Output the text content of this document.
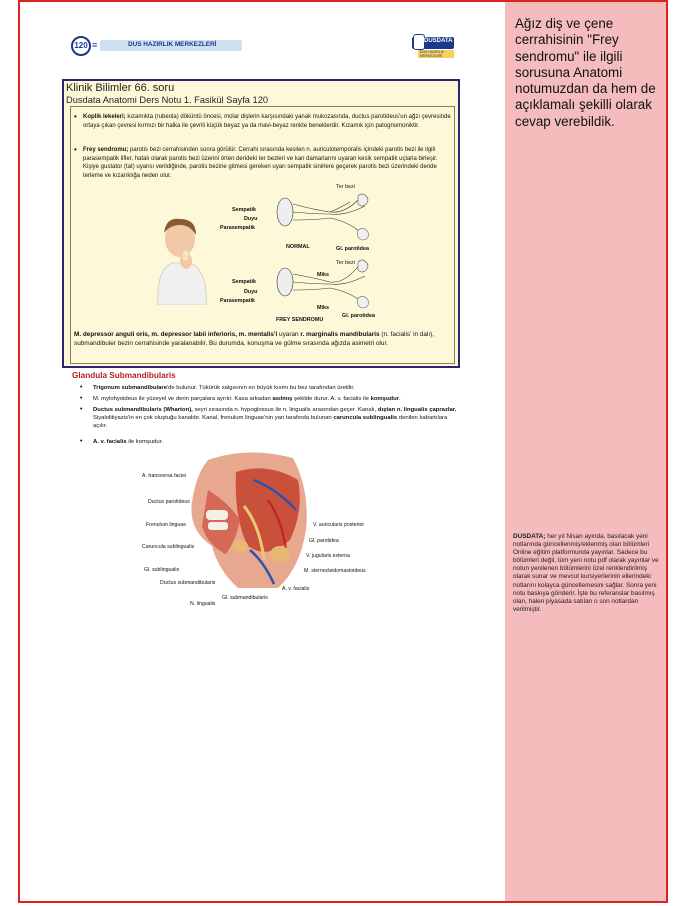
Ağız diş ve çene cerrahisinin "Frey sendromu" ile ilgili sorusuna Anatomi notumuzdan da hem de açıklamalı şekilli olarak cevap verebildik.
DUSDATA; her yıl Nisan ayında, basılacak yeni notlarında güncellenmiş/eklenmiş olan bölümleri Online eğitim platformunda yayınlar. Sadece bu bölümleri değil, tüm yeni notu pdf olarak yayınlar ve notun yenilenen bölümlerini özel renklendirilmiş olarak sunar ve mevcut kursiyerlerinin ellerindeki notlarını kolayca güncellemesini sağlar. Sonra yeni notu baskıya gönderir. İşte bu referanslar basılmış olan, halen piyasada satılan o son notlardan verilmiştir.
120 ≡	DUS HAZIRLIK MERKEZLERİ	DUSDATA
DUS HAZIRLIK MERKEZLERİ
Klinik Bilimler 66. soru
Dusdata Anatomi Ders Notu 1. Fasikül Sayfa 120
•	Koplik lekeleri; kızamıkta (rubeola) döküntü öncesi, molar dişlerin karşısındaki yanak mukozasında, ductus parotideus'un ağzı çevresinde ortaya çıkan çevresi kırmızı bir halka ile çevrili küçük beyaz ya da mavi-beyaz renkte beneklerdir. Kızamık için patognomoniktir.
•	Frey sendromu; parotis bezi cerrahisinden sonra görülür. Cerrahi sırasında kesilen n. auriculotemporalis içindeki parotis bezi ile ilgili parasempatik lifler, hatalı olarak parotis bezi üzerini örten derideki ter bezleri ve kan damarlarını uyaran kesik sempatik uçlarla birleşir. Kişiye gustator (tat) uyansı verildiğinde, parotis bezine gitmesi gereken uyarı sempatik sinirlere geçerek parotis bezi üzerindeki deride terleme ve kızarıklığa neden olur.
Ter bezi
Sempatik
Duyu
Parasempatik
NORMAL	Gl. parotidea
Ter bezi
Miks
Sempatik
Duyu
Parasempatik
Miks
FREY SENDROMU
Gl. parotidea
M. depressor anguli oris, m. depressor labii inferioris, m. mentalis'i uyaran r. marginalis mandibularis (n. facialis' in dalı), submandibuler bezin cerrahisinde yaralanabilir. Bu durumda, konuşma ve gülme sırasında ağızda asimetri olur.
Glandula Submandibularis
•	Trigonum submandibulare'de bulunur. Tükürük salgısının en büyük kısmı bu bez tarafından üretilir.
•	M. mylohyoideus ile yüzeyel ve derin parçalara ayrılır. Kasa arkadan asılmış şekilde durur. A. v. facialis ile komşudur.
•	Ductus submandibularis (Wharton), seyri sırasında n. hypoglossus ile n. lingualis arasından geçer. Kanalı, dıştan n. lingualis çaprazlar. Siyalolitiyazis'in en çok oluştuğu kanaldır. Kanal, frenulum linguae'nin yan tarafında bulunan caruncula sublingualis denilen kabartılara açılır.
•	A. v. facialis ile komşudur.
A. transversa faciei
Ductus parotideus
Frenulum linguae
Caruncula sublingualis
Gl. sublingualis
Ductus submandibularis
N. lingualis
Gl. submandibularis
A. v. facialis
M. sternocleidomastoideus
V. jugularis externa
Gl. parotidea
V. auricularis posterior
